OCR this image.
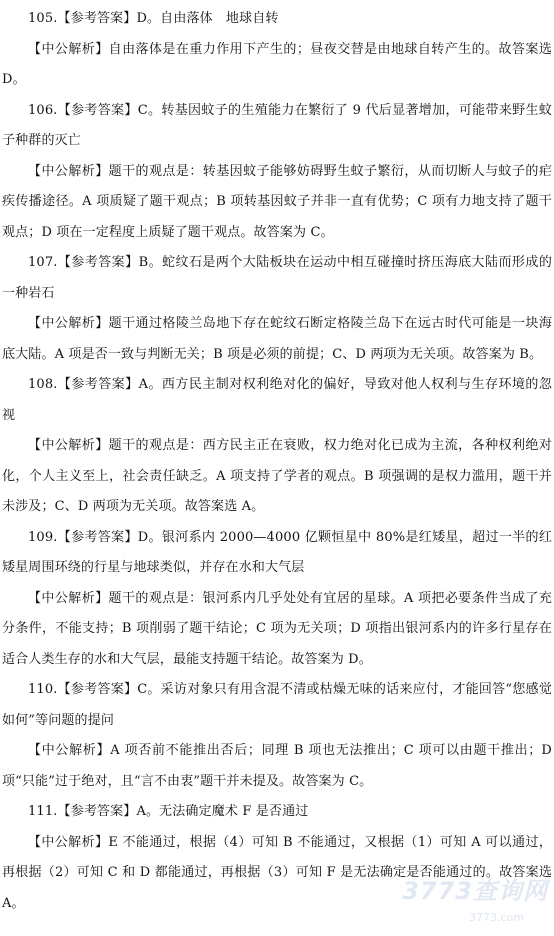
105.【参考答案】D。自由落体　地球自转

【中公解析】自由落体是在重力作用下产生的；昼夜交替是由地球自转产生的。故答案选 D。

106.【参考答案】C。转基因蚊子的生殖能力在繁衍了 9 代后显著增加，可能带来野生蚊子种群的灭亡

【中公解析】题干的观点是：转基因蚊子能够妨碍野生蚊子繁衍，从而切断人与蚊子的疟疾传播途径。A 项质疑了题干观点；B 项转基因蚊子并非一直有优势；C 项有力地支持了题干观点；D 项在一定程度上质疑了题干观点。故答案为 C。

107.【参考答案】B。蛇纹石是两个大陆板块在运动中相互碰撞时挤压海底大陆而形成的一种岩石

【中公解析】题干通过格陵兰岛地下存在蛇纹石断定格陵兰岛下在远古时代可能是一块海底大陆。A 项是否一致与判断无关；B 项是必须的前提；C、D 两项为无关项。故答案为 B。

108.【参考答案】A。西方民主制对权利绝对化的偏好，导致对他人权利与生存环境的忽视

【中公解析】题干的观点是：西方民主正在衰败，权力绝对化已成为主流，各种权利绝对化，个人主义至上，社会责任缺乏。A 项支持了学者的观点。B 项强调的是权力滥用，题干并未涉及；C、D 两项为无关项。故答案选 A。

109.【参考答案】D。银河系内 2000—4000 亿颗恒星中 80%是红矮星，超过一半的红矮星周围环绕的行星与地球类似，并存在水和大气层

【中公解析】题干的观点是：银河系内几乎处处有宜居的星球。A 项把必要条件当成了充分条件，不能支持；B 项削弱了题干结论；C 项为无关项；D 项指出银河系内的许多行星存在适合人类生存的水和大气层，最能支持题干结论。故答案为 D。

110.【参考答案】C。采访对象只有用含混不清或枯燥无味的话来应付，才能回答“您感觉如何”等问题的提问

【中公解析】A 项否前不能推出否后；同理 B 项也无法推出；C 项可以由题干推出；D 项“只能”过于绝对，且“言不由衷”题干并未提及。故答案为 C。

111.【参考答案】A。无法确定魔术 F 是否通过

【中公解析】E 不能通过，根据（4）可知 B 不能通过，又根据（1）可知 A 可以通过，再根据（2）可知 C 和 D 都能通过，再根据（3）可知 F 是无法确定是否能通过的。故答案选 A。	3773查询网
3773.com
